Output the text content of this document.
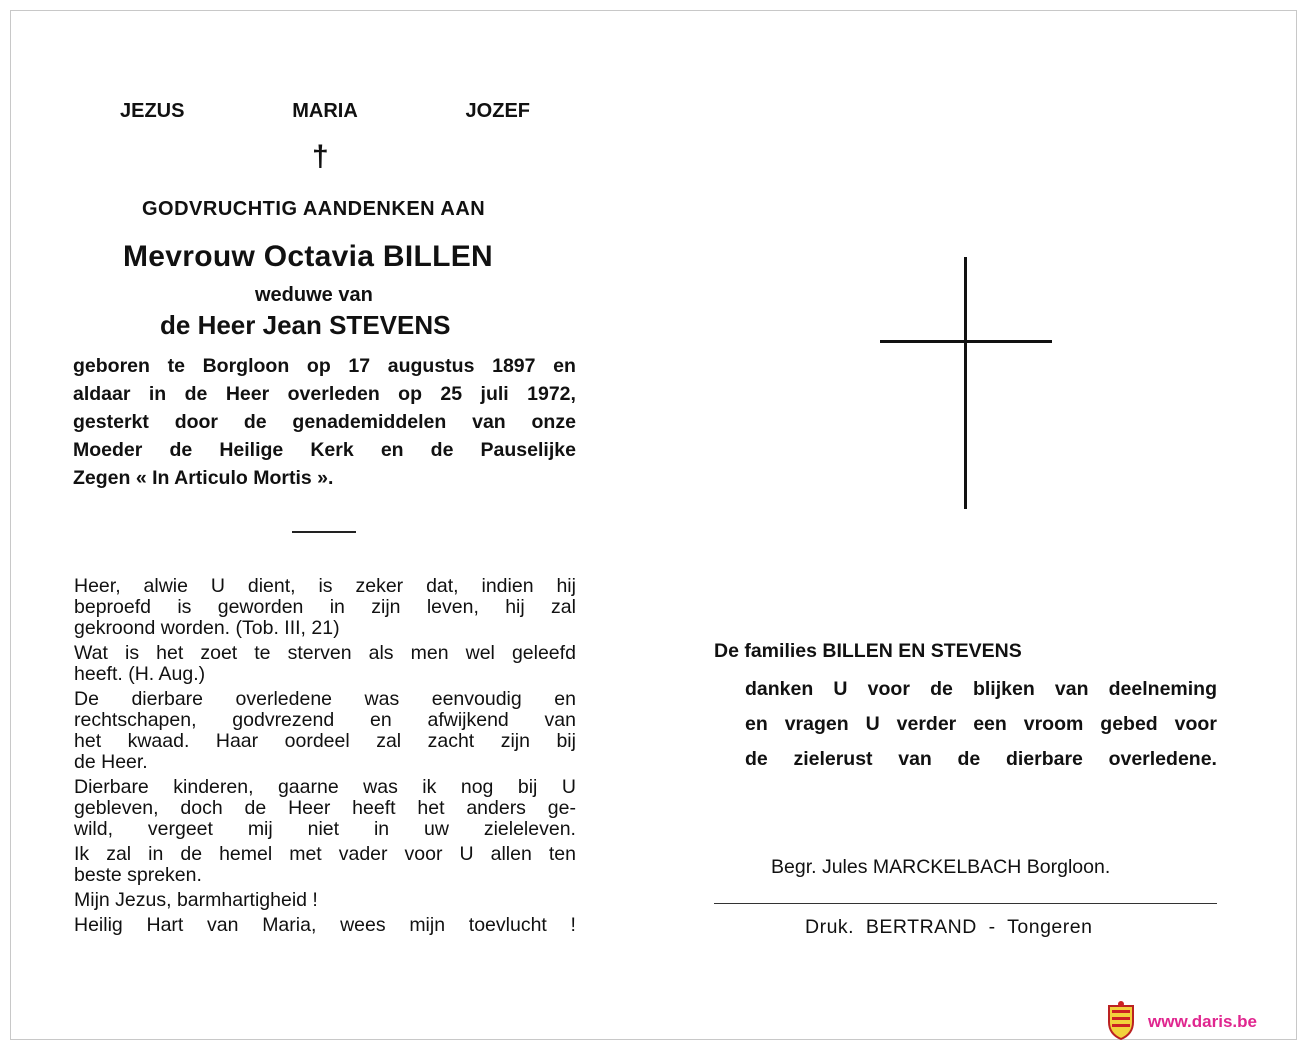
JEZUS	MARIA	JOZEF
†
GODVRUCHTIG AANDENKEN AAN
Mevrouw Octavia BILLEN
weduwe van
de Heer Jean STEVENS
geboren te Borgloon op 17 augustus 1897 en
aldaar in de Heer overleden op 25 juli 1972,
gesterkt door de genademiddelen van onze
Moeder de Heilige Kerk en de Pauselijke
Zegen « In Articulo Mortis ».
Heer, alwie U dient, is zeker dat, indien hij
beproefd is geworden in zijn leven, hij zal
gekroond worden. (Tob. III, 21)
Wat is het zoet te sterven als men wel geleefd
heeft. (H. Aug.)
De dierbare overledene was eenvoudig en
rechtschapen, godvrezend en afwijkend van
het kwaad. Haar oordeel zal zacht zijn bij
de Heer.
Dierbare kinderen, gaarne was ik nog bij U
gebleven, doch de Heer heeft het anders ge-
wild, vergeet mij niet in uw zieleleven.
Ik zal in de hemel met vader voor U allen ten
beste spreken.
Mijn Jezus, barmhartigheid !
Heilig Hart van Maria, wees mijn toevlucht !
De families BILLEN EN STEVENS
danken U voor de blijken van deelneming
en vragen U verder een vroom gebed voor
de zielerust van de dierbare overledene.
Begr. Jules MARCKELBACH Borgloon.
Druk.  BERTRAND  -  Tongeren
www.daris.be
